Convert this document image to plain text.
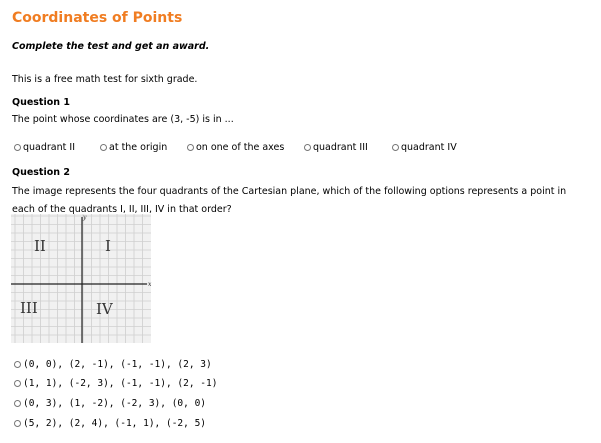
Coordinates of Points
Complete the test and get an award.
This is a free math test for sixth grade.
Question 1
The point whose coordinates are (3, -5) is in ...
quadrant II	at the origin	on one of the axes	quadrant III	quadrant IV
Question 2
The image represents the four quadrants of the Cartesian plane, which of the following options represents a point in each of the quadrants I, II, III, IV in that order?
x
y
II	I
III	IV
(0, 0), (2, -1), (-1, -1), (2, 3)
(1, 1), (-2, 3), (-1, -1), (2, -1)
(0, 3), (1, -2), (-2, 3), (0, 0)
(5, 2), (2, 4), (-1, 1), (-2, 5)
